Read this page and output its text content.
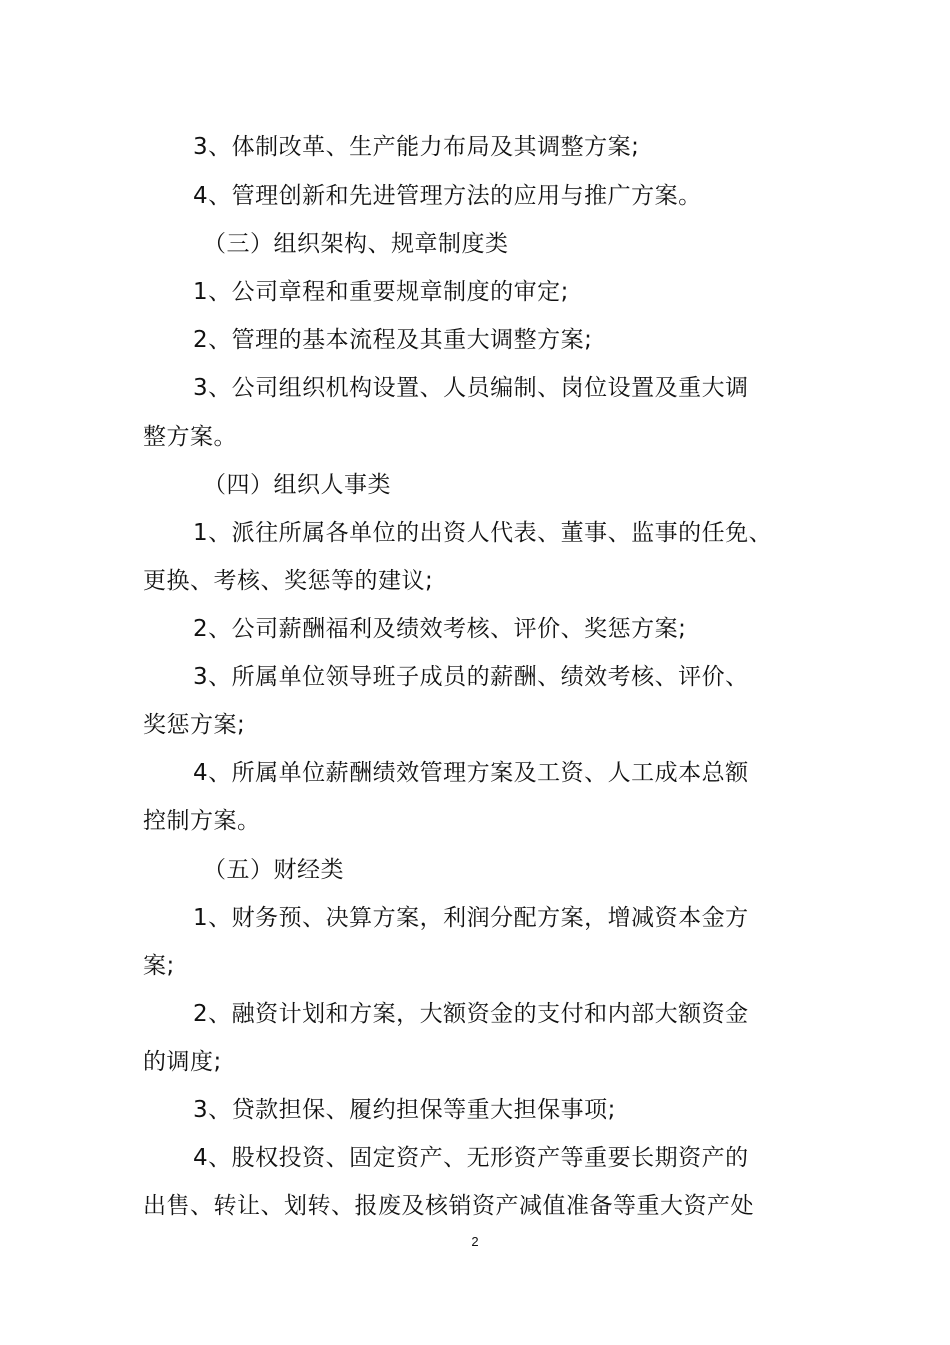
3、体制改革、生产能力布局及其调整方案;
4、管理创新和先进管理方法的应用与推广方案。
（三）组织架构、规章制度类
1、公司章程和重要规章制度的审定;
2、管理的基本流程及其重大调整方案;
3、公司组织机构设置、人员编制、岗位设置及重大调
整方案。
（四）组织人事类
1、派往所属各单位的出资人代表、董事、监事的任免、
更换、考核、奖惩等的建议;
2、公司薪酬福利及绩效考核、评价、奖惩方案;
3、所属单位领导班子成员的薪酬、绩效考核、评价、
奖惩方案;
4、所属单位薪酬绩效管理方案及工资、人工成本总额
控制方案。
（五）财经类
1、财务预、决算方案，利润分配方案，增减资本金方
案;
2、融资计划和方案，大额资金的支付和内部大额资金
的调度;
3、贷款担保、履约担保等重大担保事项;
4、股权投资、固定资产、无形资产等重要长期资产的
出售、转让、划转、报废及核销资产减值准备等重大资产处
2
